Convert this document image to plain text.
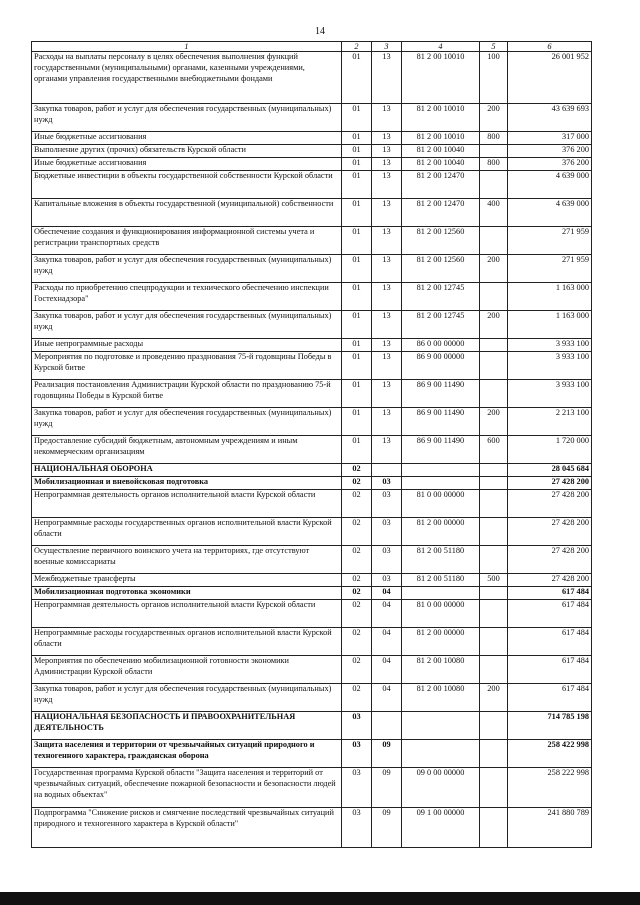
14
1	2	3	4	5	6
Расходы на выплаты персоналу в целях обеспечения выполнения функций государственными (муниципальными) органами, казенными учреждениями, органами управления государственными внебюджетными фондами	01	13	81 2 00 10010	100	26 001 952
Закупка товаров, работ и услуг для обеспечения государственных (муниципальных) нужд	01	13	81 2 00 10010	200	43 639 693
Иные бюджетные ассигнования	01	13	81 2 00 10010	800	317 000
Выполнение других (прочих) обязательств Курской области	01	13	81 2 00 10040		376 200
Иные бюджетные ассигнования	01	13	81 2 00 10040	800	376 200
Бюджетные инвестиции в объекты государственной собственности Курской области	01	13	81 2 00 12470		4 639 000
Капитальные вложения в объекты государственной (муниципальной) собственности	01	13	81 2 00 12470	400	4 639 000
Обеспечение создания и функционирования информационной системы учета и регистрации транспортных средств	01	13	81 2 00 12560		271 959
Закупка товаров, работ и услуг для обеспечения государственных (муниципальных) нужд	01	13	81 2 00 12560	200	271 959
Расходы по приобретению спецпродукции и технического обеспечению инспекции Гостехнадзора"	01	13	81 2 00 12745		1 163 000
Закупка товаров, работ и услуг для обеспечения государственных (муниципальных) нужд	01	13	81 2 00 12745	200	1 163 000
Иные непрограммные расходы	01	13	86 0 00 00000		3 933 100
Мероприятия по подготовке и проведению празднования 75-й годовщины Победы в Курской битве	01	13	86 9 00 00000		3 933 100
Реализация постановления Администрации Курской области по празднованию 75-й годовщины Победы в Курской битве	01	13	86 9 00 11490		3 933 100
Закупка товаров, работ и услуг для обеспечения государственных (муниципальных) нужд	01	13	86 9 00 11490	200	2 213 100
Предоставление субсидий бюджетным, автономным учреждениям и иным некоммерческим организациям	01	13	86 9 00 11490	600	1 720 000
НАЦИОНАЛЬНАЯ ОБОРОНА	02				28 045 684
Мобилизационная и вневойсковая подготовка	02	03			27 428 200
Непрограммная деятельность органов исполнительной власти Курской области	02	03	81 0 00 00000		27 428 200
Непрограммные расходы государственных органов исполнительной власти Курской области	02	03	81 2 00 00000		27 428 200
Осуществление первичного воинского учета на территориях, где отсутствуют военные комиссариаты	02	03	81 2 00 51180		27 428 200
Межбюджетные трансферты	02	03	81 2 00 51180	500	27 428 200
Мобилизационная подготовка экономики	02	04			617 484
Непрограммная деятельность органов исполнительной власти Курской области	02	04	81 0 00 00000		617 484
Непрограммные расходы государственных органов исполнительной власти Курской области	02	04	81 2 00 00000		617 484
Мероприятия по обеспечению мобилизационной готовности экономики Администрации Курской области	02	04	81 2 00 10080		617 484
Закупка товаров, работ и услуг для обеспечения государственных (муниципальных) нужд	02	04	81 2 00 10080	200	617 484
НАЦИОНАЛЬНАЯ БЕЗОПАСНОСТЬ И ПРАВООХРАНИТЕЛЬНАЯ ДЕЯТЕЛЬНОСТЬ	03				714 785 198
Защита населения и территории от чрезвычайных ситуаций природного и техногенного характера, гражданская оборона	03	09			258 422 998
Государственная программа Курской области "Защита населения и территорий от чрезвычайных ситуаций, обеспечение пожарной безопасности и безопасности людей на водных объектах"	03	09	09 0 00 00000		258 222 998
Подпрограмма "Снижение рисков и смягчение последствий чрезвычайных ситуаций природного и техногенного характера в Курской области"	03	09	09 1 00 00000		241 880 789
